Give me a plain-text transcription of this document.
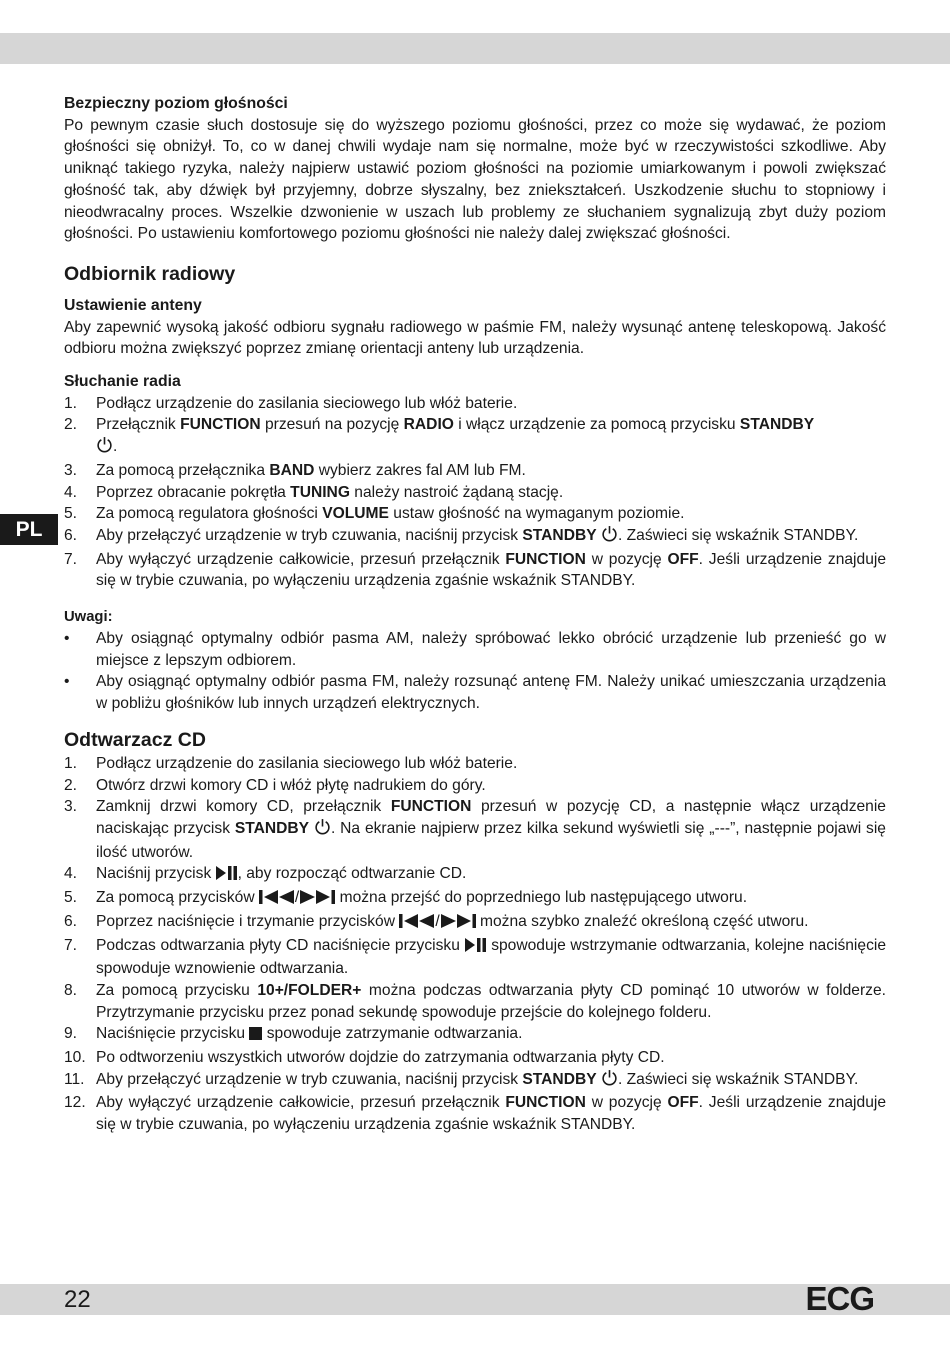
PL
Bezpieczny poziom głośności

Po pewnym czasie słuch dostosuje się do wyższego poziomu głośności, przez co może się wydawać, że poziom głośności się obniżył. To, co w danej chwili wydaje nam się normalne, może być w rzeczywistości szkodliwe. Aby uniknąć takiego ryzyka, należy najpierw ustawić poziom głośności na poziomie umiarkowanym i powoli zwiększać głośność tak, aby dźwięk był przyjemny, dobrze słyszalny, bez zniekształceń. Uszkodzenie słuchu to stopniowy i nieodwracalny proces. Wszelkie dzwonienie w uszach lub problemy ze słuchaniem sygnalizują zbyt duży poziom głośności. Po ustawieniu komfortowego poziomu głośności nie należy dalej zwiększać głośności.

Odbiornik radiowy
Ustawienie anteny

Aby zapewnić wysoką jakość odbioru sygnału radiowego w paśmie FM, należy wysunąć antenę teleskopową. Jakość odbioru można zwiększyć poprzez zmianę orientacji anteny lub urządzenia.

Słuchanie radia
1. Podłącz urządzenie do zasilania sieciowego lub włóż baterie.
2. Przełącznik FUNCTION przesuń na pozycję RADIO i włącz urządzenie za pomocą przycisku STANDBY
.
3. Za pomocą przełącznika BAND wybierz zakres fal AM lub FM.
4. Poprzez obracanie pokrętła TUNING należy nastroić żądaną stację.
5. Za pomocą regulatora głośności VOLUME ustaw głośność na wymaganym poziomie.
6. Aby przełączyć urządzenie w tryb czuwania, naciśnij przycisk STANDBY . Zaświeci się wskaźnik STANDBY.
7. Aby wyłączyć urządzenie całkowicie, przesuń przełącznik FUNCTION w pozycję OFF. Jeśli urządzenie znajduje się w trybie czuwania, po wyłączeniu urządzenia zgaśnie wskaźnik STANDBY.
Uwagi:
• Aby osiągnąć optymalny odbiór pasma AM, należy spróbować lekko obrócić urządzenie lub przenieść go w miejsce z lepszym odbiorem.
• Aby osiągnąć optymalny odbiór pasma FM, należy rozsunąć antenę FM. Należy unikać umieszczania urządzenia w pobliżu głośników lub innych urządzeń elektrycznych.
Odtwarzacz CD
1. Podłącz urządzenie do zasilania sieciowego lub włóż baterie.
2. Otwórz drzwi komory CD i włóż płytę nadrukiem do góry.
3. Zamknij drzwi komory CD, przełącznik FUNCTION przesuń w pozycję CD, a następnie włącz urządzenie naciskając przycisk STANDBY . Na ekranie najpierw przez kilka sekund wyświetli się „---”, następnie pojawi się ilość utworów.
4. Naciśnij przycisk , aby rozpocząć odtwarzanie CD.
5. Za pomocą przycisków / można przejść do poprzedniego lub następującego utworu.
6. Poprzez naciśnięcie i trzymanie przycisków / można szybko znaleźć określoną część utworu.
7. Podczas odtwarzania płyty CD naciśnięcie przycisku  spowoduje wstrzymanie odtwarzania, kolejne naciśnięcie spowoduje wznowienie odtwarzania.
8. Za pomocą przycisku 10+/FOLDER+ można podczas odtwarzania płyty CD pominąć 10 utworów w folderze. Przytrzymanie przycisku przez ponad sekundę spowoduje przejście do kolejnego folderu.
9. Naciśnięcie przycisku  spowoduje zatrzymanie odtwarzania.
10. Po odtworzeniu wszystkich utworów dojdzie do zatrzymania odtwarzania płyty CD.
11. Aby przełączyć urządzenie w tryb czuwania, naciśnij przycisk STANDBY . Zaświeci się wskaźnik STANDBY.
12. Aby wyłączyć urządzenie całkowicie, przesuń przełącznik FUNCTION w pozycję OFF. Jeśli urządzenie znajduje się w trybie czuwania, po wyłączeniu urządzenia zgaśnie wskaźnik STANDBY.
22	ECG
